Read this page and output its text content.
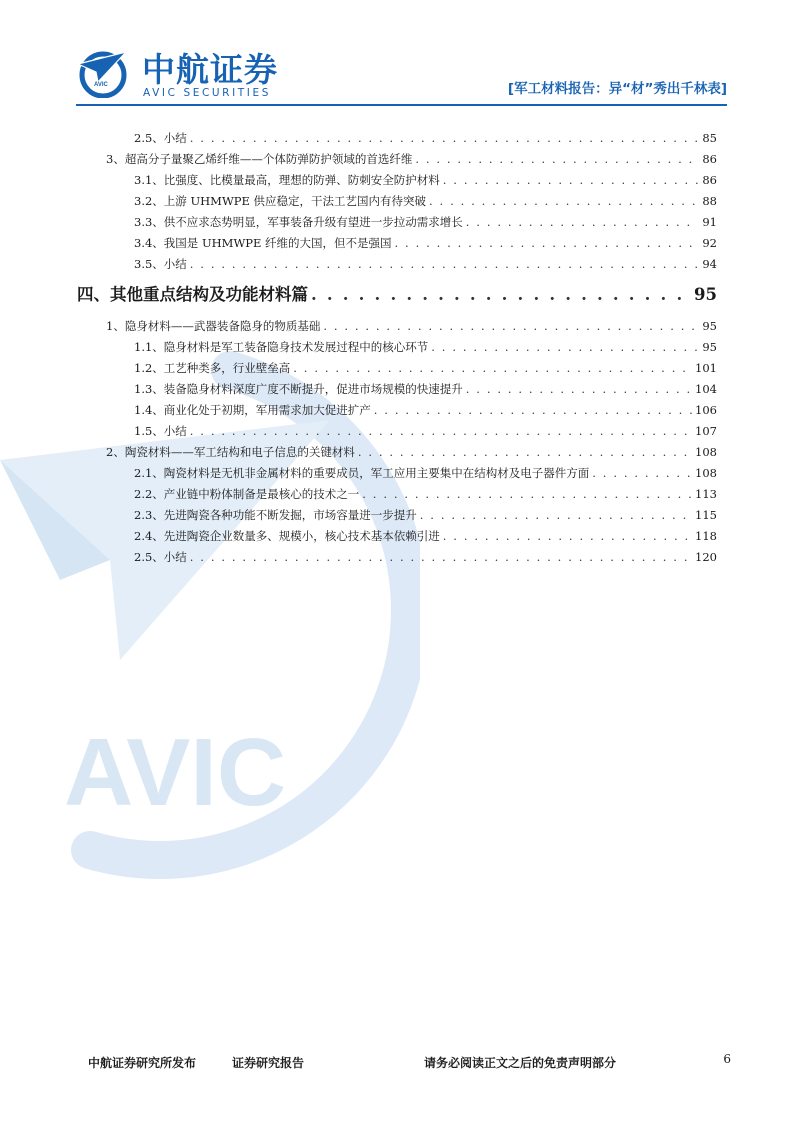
AVIC
AVIC 中航证券
AVIC SECURITIES	[军工材料报告：异“材”秀出千林表]
2.5、小结 . . .	85
3、超高分子量聚乙烯纤维——个体防弹防护领域的首选纤维 . . .	86
3.1、比强度、比模量最高，理想的防弹、防刺安全防护材料 . . .	86
3.2、上游 UHMWPE 供应稳定，干法工艺国内有待突破 . . .	88
3.3、供不应求态势明显，军事装备升级有望进一步拉动需求增长 . . .	91
3.4、我国是 UHMWPE 纤维的大国，但不是强国 . . .	92
3.5、小结 . . .	94
四、其他重点结构及功能材料篇 . . .	95
1、隐身材料——武器装备隐身的物质基础 . . .	95
1.1、隐身材料是军工装备隐身技术发展过程中的核心环节 . . .	95
1.2、工艺种类多，行业壁垒高 . . .	101
1.3、装备隐身材料深度广度不断提升，促进市场规模的快速提升 . . .	104
1.4、商业化处于初期，军用需求加大促进扩产 . . .	106
1.5、小结 . . .	107
2、陶瓷材料——军工结构和电子信息的关键材料 . . .	108
2.1、陶瓷材料是无机非金属材料的重要成员，军工应用主要集中在结构材及电子器件方面 . . .	108
2.2、产业链中粉体制备是最核心的技术之一 . . .	113
2.3、先进陶瓷各种功能不断发掘，市场容量进一步提升 . . .	115
2.4、先进陶瓷企业数量多、规模小，核心技术基本依赖引进 . . .	118
2.5、小结 . . .	120
中航证券研究所发布	证券研究报告	请务必阅读正文之后的免责声明部分	6
